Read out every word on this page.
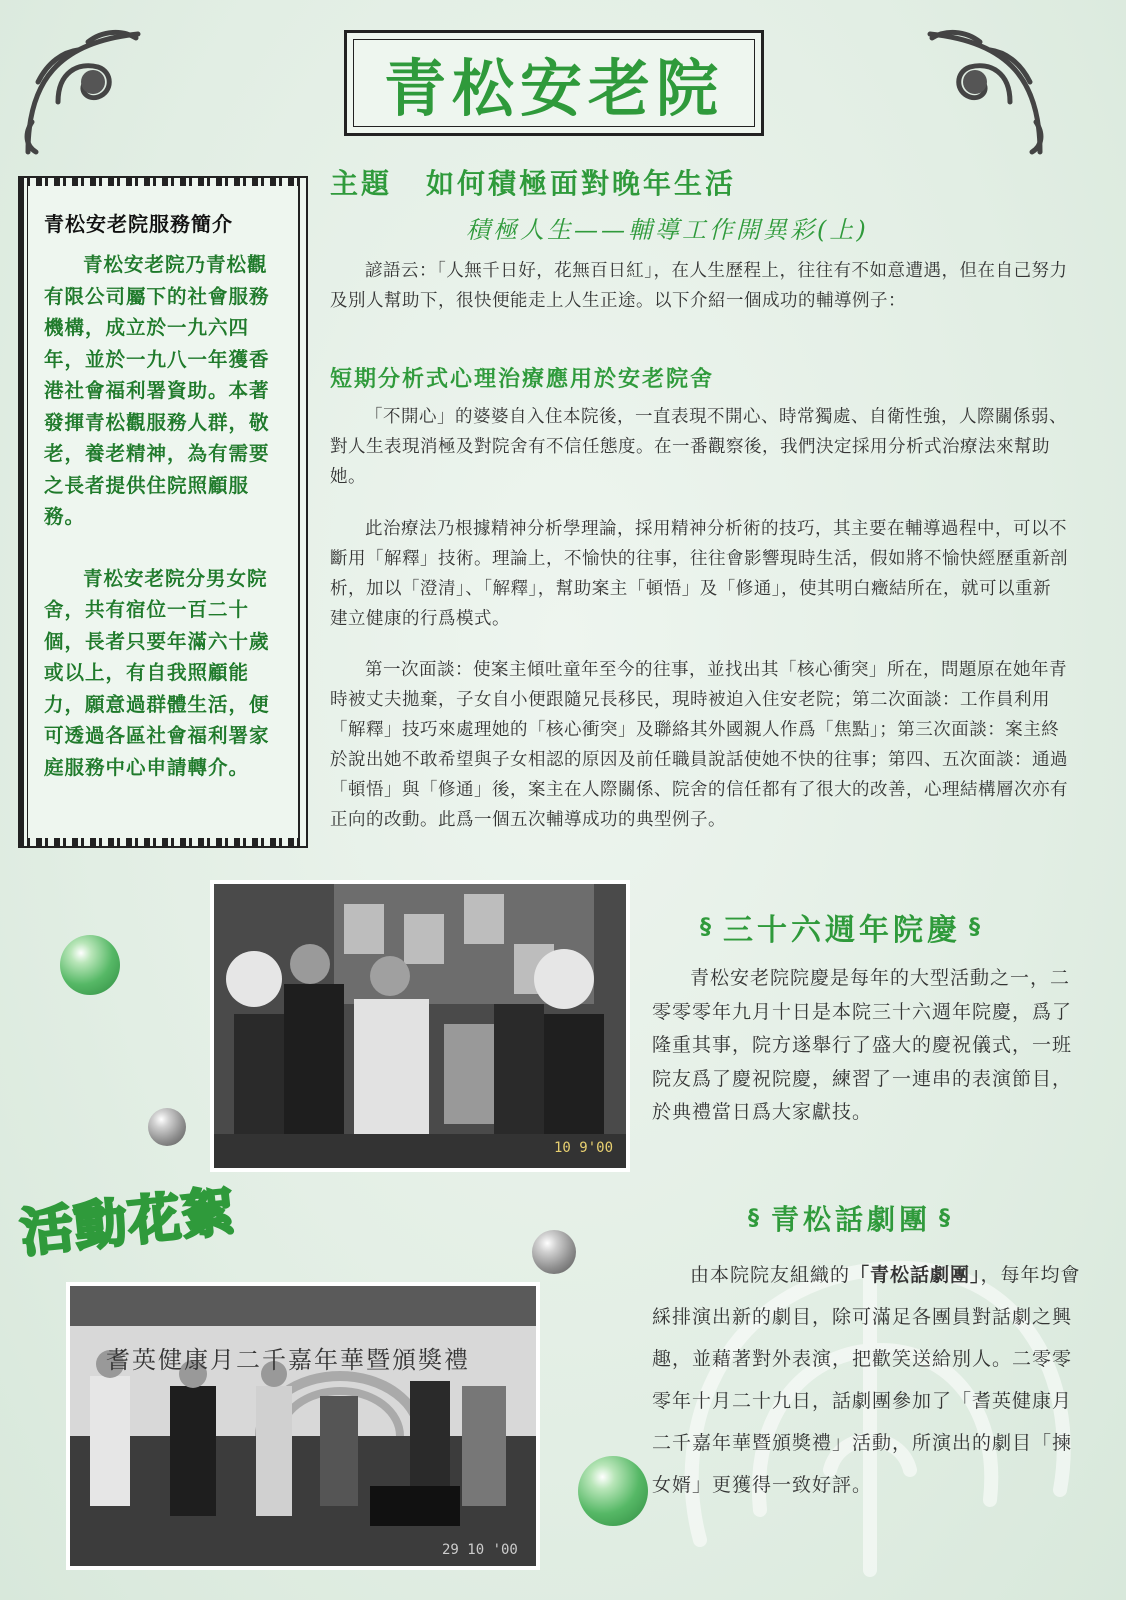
青松安老院
青松安老院服務簡介

青松安老院乃青松觀有限公司屬下的社會服務機構，成立於一九六四年，並於一九八一年獲香港社會福利署資助。本著發揮青松觀服務人群，敬老，養老精神，為有需要之長者提供住院照顧服務。

青松安老院分男女院舍，共有宿位一百二十個，長者只要年滿六十歲或以上，有自我照顧能力，願意過群體生活，便可透過各區社會福利署家庭服務中心申請轉介。

主題 如何積極面對晚年生活
積極人生——輔導工作開異彩(上)

諺語云：「人無千日好，花無百日紅」，在人生歷程上，往往有不如意遭遇，但在自己努力及別人幫助下，很快便能走上人生正途。以下介紹一個成功的輔導例子：

短期分析式心理治療應用於安老院舍

「不開心」的婆婆自入住本院後，一直表現不開心、時常獨處、自衛性強，人際關係弱、對人生表現消極及對院舍有不信任態度。在一番觀察後，我們決定採用分析式治療法來幫助她。

此治療法乃根據精神分析學理論，採用精神分析術的技巧，其主要在輔導過程中，可以不斷用「解釋」技術。理論上，不愉快的往事，往往會影響現時生活，假如將不愉快經歷重新剖析，加以「澄清」、「解釋」，幫助案主「頓悟」及「修通」，使其明白癥結所在，就可以重新建立健康的行爲模式。

第一次面談：使案主傾吐童年至今的往事，並找出其「核心衝突」所在，問題原在她年青時被丈夫拋棄，子女自小便跟隨兄長移民，現時被迫入住安老院；第二次面談：工作員利用「解釋」技巧來處理她的「核心衝突」及聯絡其外國親人作爲「焦點」；第三次面談：案主終於說出她不敢希望與子女相認的原因及前任職員說話使她不快的往事；第四、五次面談：通過「頓悟」與「修通」後，案主在人際關係、院舍的信任都有了很大的改善，心理結構層次亦有正向的改動。此爲一個五次輔導成功的典型例子。

10 9'00
§ 三十六週年院慶 §

青松安老院院慶是每年的大型活動之一，二零零零年九月十日是本院三十六週年院慶，爲了隆重其事，院方遂舉行了盛大的慶祝儀式，一班院友爲了慶祝院慶，練習了一連串的表演節目，於典禮當日爲大家獻技。

活動花絮
耆英健康月二千嘉年華暨頒獎禮
29 10 '00
§ 青松話劇團 §

由本院院友組織的「青松話劇團」，每年均會綵排演出新的劇目，除可滿足各團員對話劇之興趣，並藉著對外表演，把歡笑送給別人。二零零零年十月二十九日，話劇團參加了「耆英健康月二千嘉年華暨頒獎禮」活動，所演出的劇目「揀女婿」更獲得一致好評。
